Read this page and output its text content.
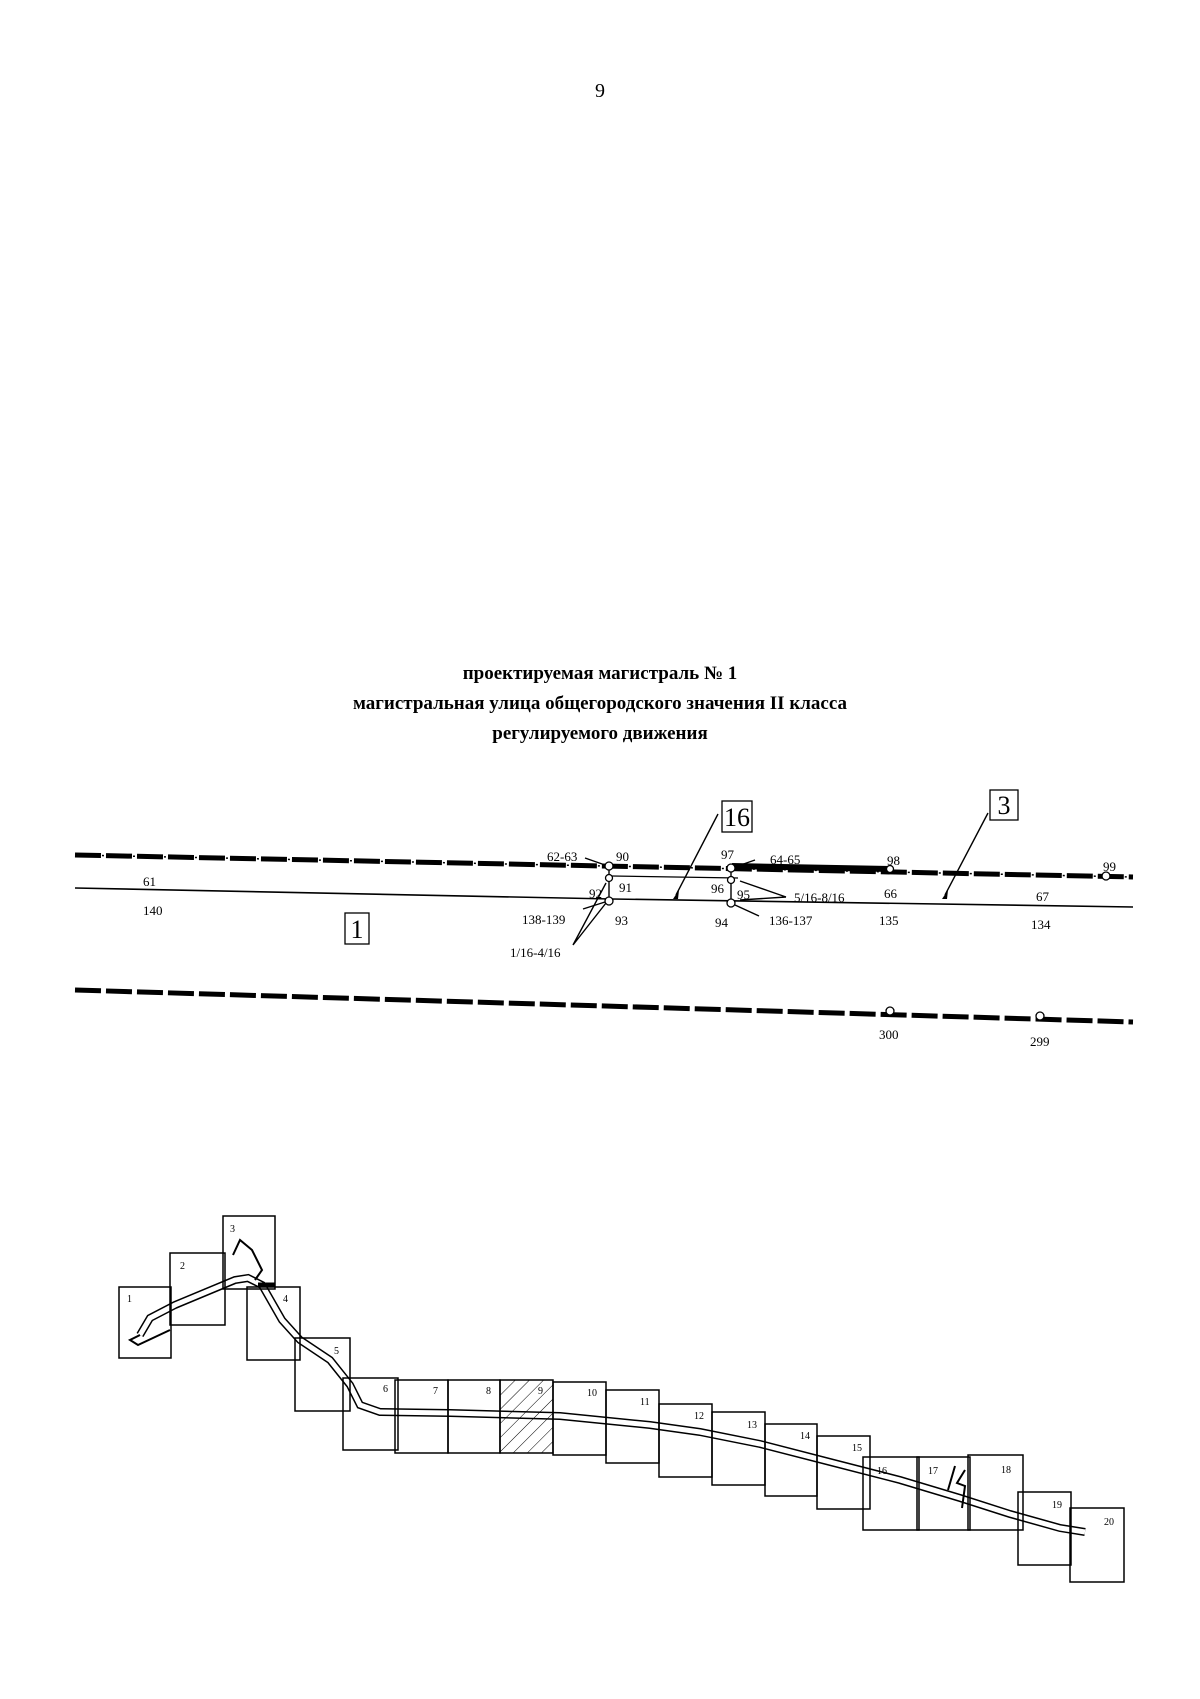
9
проектируемая магистраль № 1
магистральная улица общегородского значения II класса
регулируемого движения
16	3
1
61
140
62-63	90
92 91
138-139	93
1/16-4/16
97	64-65
96 95
94
5/16-8/16
136-137
98
66
135
67
134
99
300	299
1
2
3
4
5
6	7	8	9	10
11
12
13
14
15
16	17	18
19
20
